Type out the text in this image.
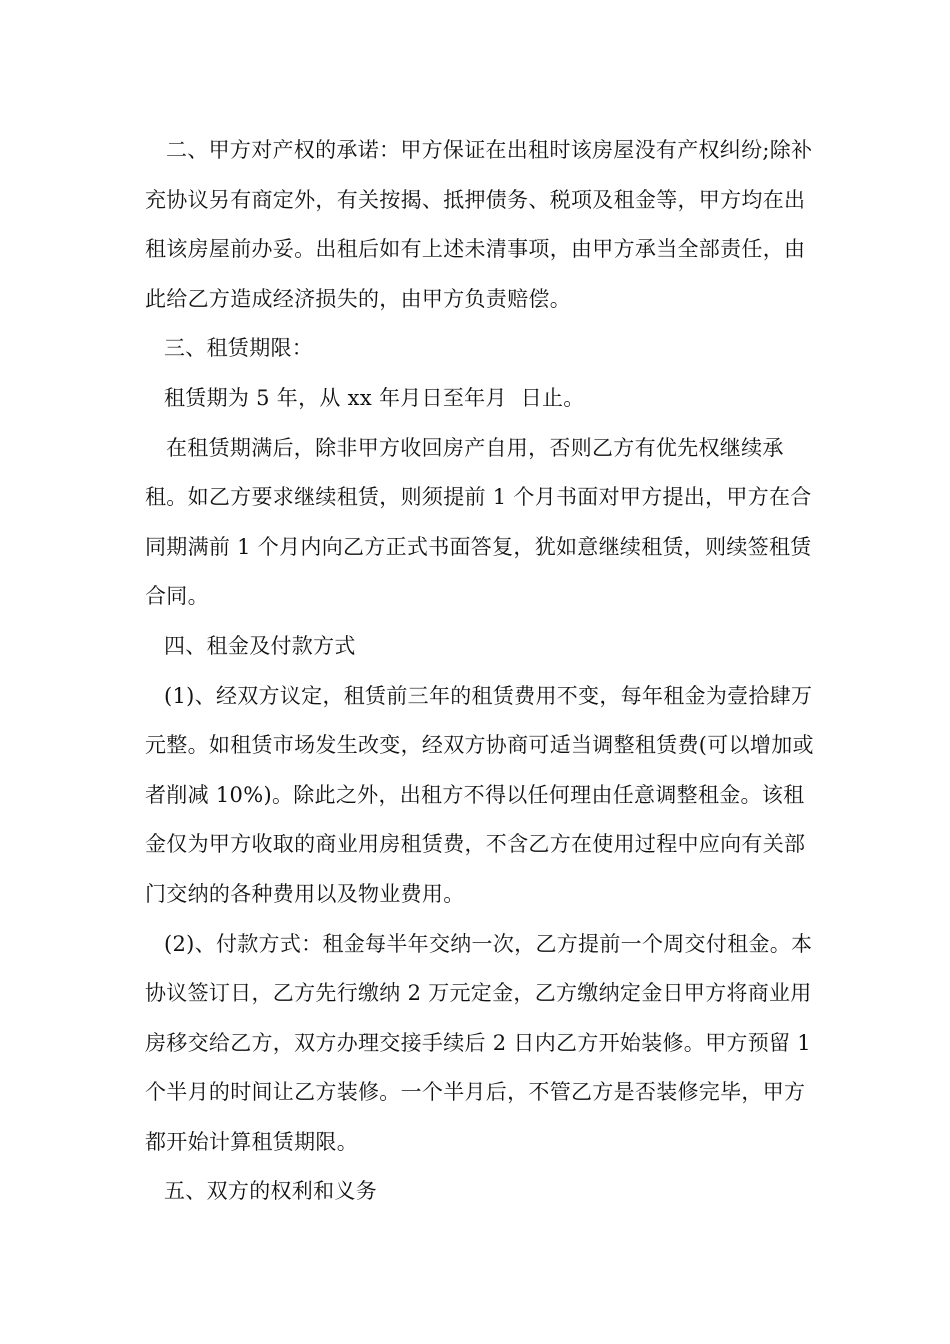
二、甲方对产权的承诺：甲方保证在出租时该房屋没有产权纠纷;除补充协议另有商定外，有关按揭、抵押债务、税项及租金等，甲方均在出租该房屋前办妥。出租后如有上述未清事项，由甲方承当全部责任，由此给乙方造成经济损失的，由甲方负责赔偿。

三、租赁期限：

租赁期为 5 年，从 xx 年月日至年月  日止。

在租赁期满后，除非甲方收回房产自用，否则乙方有优先权继续承租。如乙方要求继续租赁，则须提前 1 个月书面对甲方提出，甲方在合同期满前 1 个月内向乙方正式书面答复，犹如意继续租赁，则续签租赁合同。

四、租金及付款方式

(1)、经双方议定，租赁前三年的租赁费用不变，每年租金为壹拾肆万元整。如租赁市场发生改变，经双方协商可适当调整租赁费(可以增加或者削减 10%)。除此之外，出租方不得以任何理由任意调整租金。该租金仅为甲方收取的商业用房租赁费，不含乙方在使用过程中应向有关部门交纳的各种费用以及物业费用。

(2)、付款方式：租金每半年交纳一次，乙方提前一个周交付租金。本协议签订日，乙方先行缴纳 2 万元定金，乙方缴纳定金日甲方将商业用房移交给乙方，双方办理交接手续后 2 日内乙方开始装修。甲方预留 1 个半月的时间让乙方装修。一个半月后，不管乙方是否装修完毕，甲方都开始计算租赁期限。

五、双方的权利和义务
